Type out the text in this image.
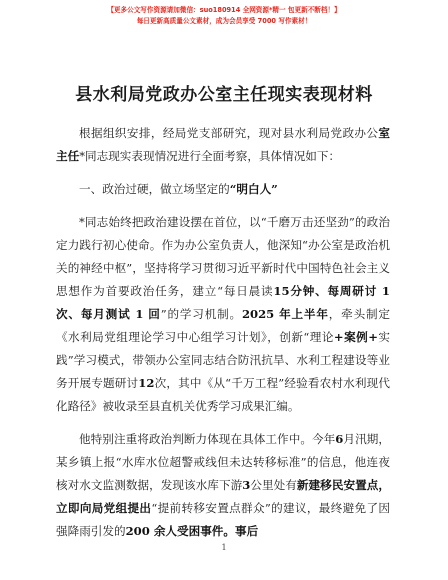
【更多公文写作资源请加微信：suo180914 全网资源*精一 包更新不断档！】
每日更新高质量公文素材，成为会员享受 7000 写作素材！
县水利局党政办公室主任现实表现材料

根据组织安排，经局党支部研究，现对县水利局党政办公室主任*同志现实表现情况进行全面考察，具体情况如下：

一、政治过硬，做立场坚定的“明白人”

*同志始终把政治建设摆在首位，以“千磨万击还坚劲”的政治定力践行初心使命。作为办公室负责人，他深知“办公室是政治机关的神经中枢”，坚持将学习贯彻习近平新时代中国特色社会主义思想作为首要政治任务，建立“每日晨读15分钟、每周研讨 1 次、每月测试 1 回”的学习机制。2025 年上半年，牵头制定《水利局党组理论学习中心组学习计划》，创新“理论+案例+实践”学习模式，带领办公室同志结合防汛抗旱、水利工程建设等业务开展专题研讨12次，其中《从“千万工程”经验看农村水利现代化路径》被收录至县直机关优秀学习成果汇编。

他特别注重将政治判断力体现在具体工作中。今年6月汛期，某乡镇上报“水库水位超警戒线但未达转移标准”的信息，他连夜核对水文监测数据，发现该水库下游3公里处有新建移民安置点，立即向局党组提出“提前转移安置点群众”的建议，最终避免了因强降雨引发的200 余人受困事件。事后

1
